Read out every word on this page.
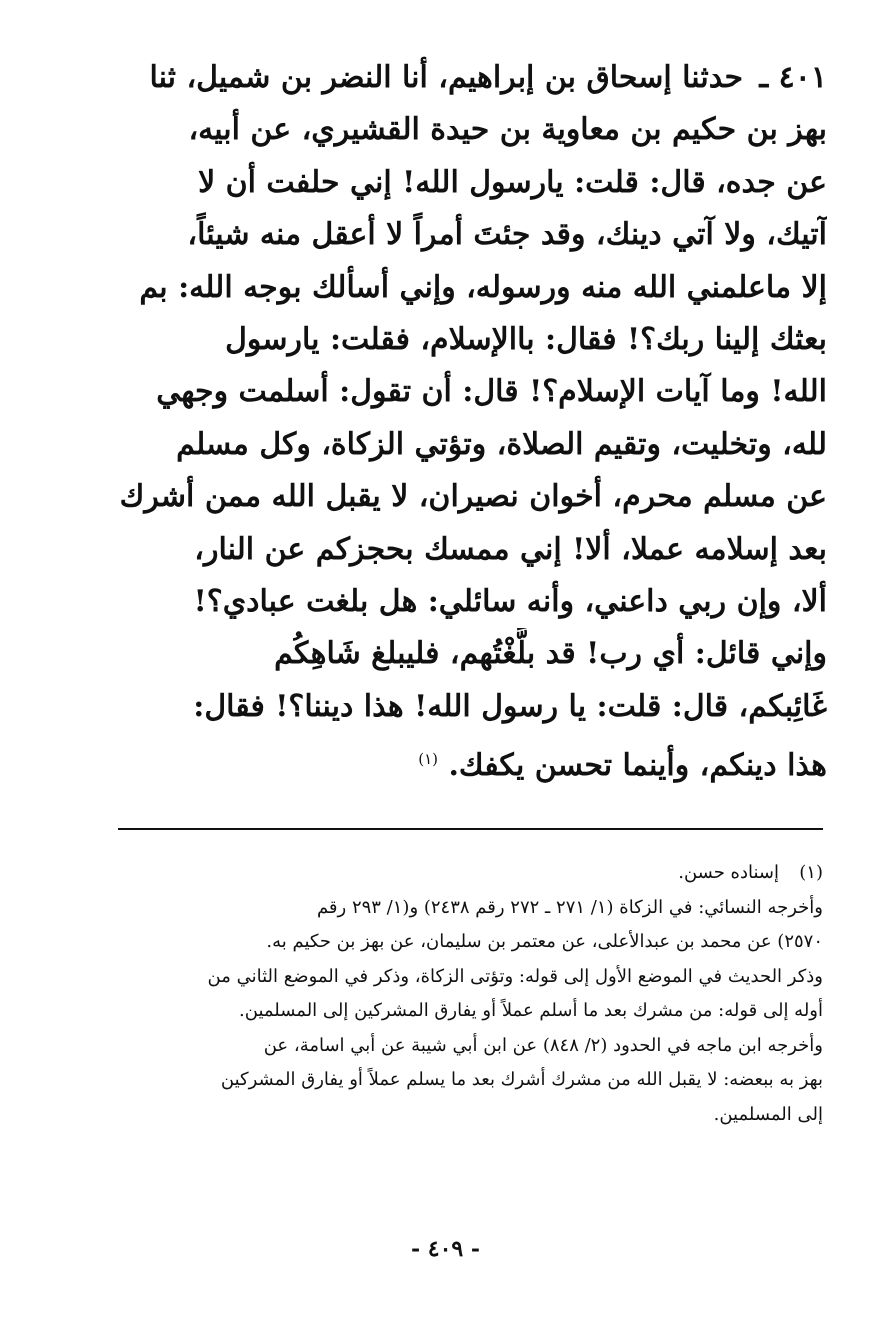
٤٠١ ـ
حدثنا إسحاق بن إبراهيم، أنا النضر بن شميل، ثنا
بهز بن حكيم بن معاوية بن حيدة القشيري، عن أبيه،
عن جده، قال: قلت: يارسول الله! إني حلفت أن لا
آتيك، ولا آتي دينك، وقد جئتَ أمراً لا أعقل منه شيئاً،
إلا ماعلمني الله منه ورسوله، وإني أسألك بوجه الله: بم
بعثك إلينا ربك؟! فقال: باالإسلام، فقلت: يارسول
الله! وما آيات الإسلام؟! قال: أن تقول: أسلمت وجهي
لله، وتخليت، وتقيم الصلاة، وتؤتي الزكاة، وكل مسلم
عن مسلم محرم، أخوان نصيران، لا يقبل الله ممن أشرك
بعد إسلامه عملا، ألا! إني ممسك بحجزكم عن النار،
ألا، وإن ربي داعني، وأنه سائلي: هل بلغت عبادي؟!
وإني قائل: أي رب! قد بلَّغْتُهم، فليبلغ شَاهِكُم
غَائِبكم، قال: قلت: يا رسول الله! هذا ديننا؟! فقال:
هذا دينكم، وأينما تحسن يكفك. $^{(١)}$
(١)
إسناده حسن.
وأخرجه النسائي: في الزكاة (١/ ٢٧١ ـ ٢٧٢ رقم ٢٤٣٨) و(١/ ٢٩٣ رقم
٢٥٧٠) عن محمد بن عبدالأعلى، عن معتمر بن سليمان، عن بهز بن حكيم به.
وذكر الحديث في الموضع الأول إلى قوله: وتؤتى الزكاة، وذكر في الموضع الثاني من
أوله إلى قوله: من مشرك بعد ما أسلم عملاً أو يفارق المشركين إلى المسلمين.
وأخرجه ابن ماجه في الحدود (٢/ ٨٤٨) عن ابن أبي شيبة عن أبي اسامة، عن
بهز به ببعضه: لا يقبل الله من مشرك أشرك بعد ما يسلم عملاً أو يفارق المشركين
إلى المسلمين.
- ٤٠٩ -
